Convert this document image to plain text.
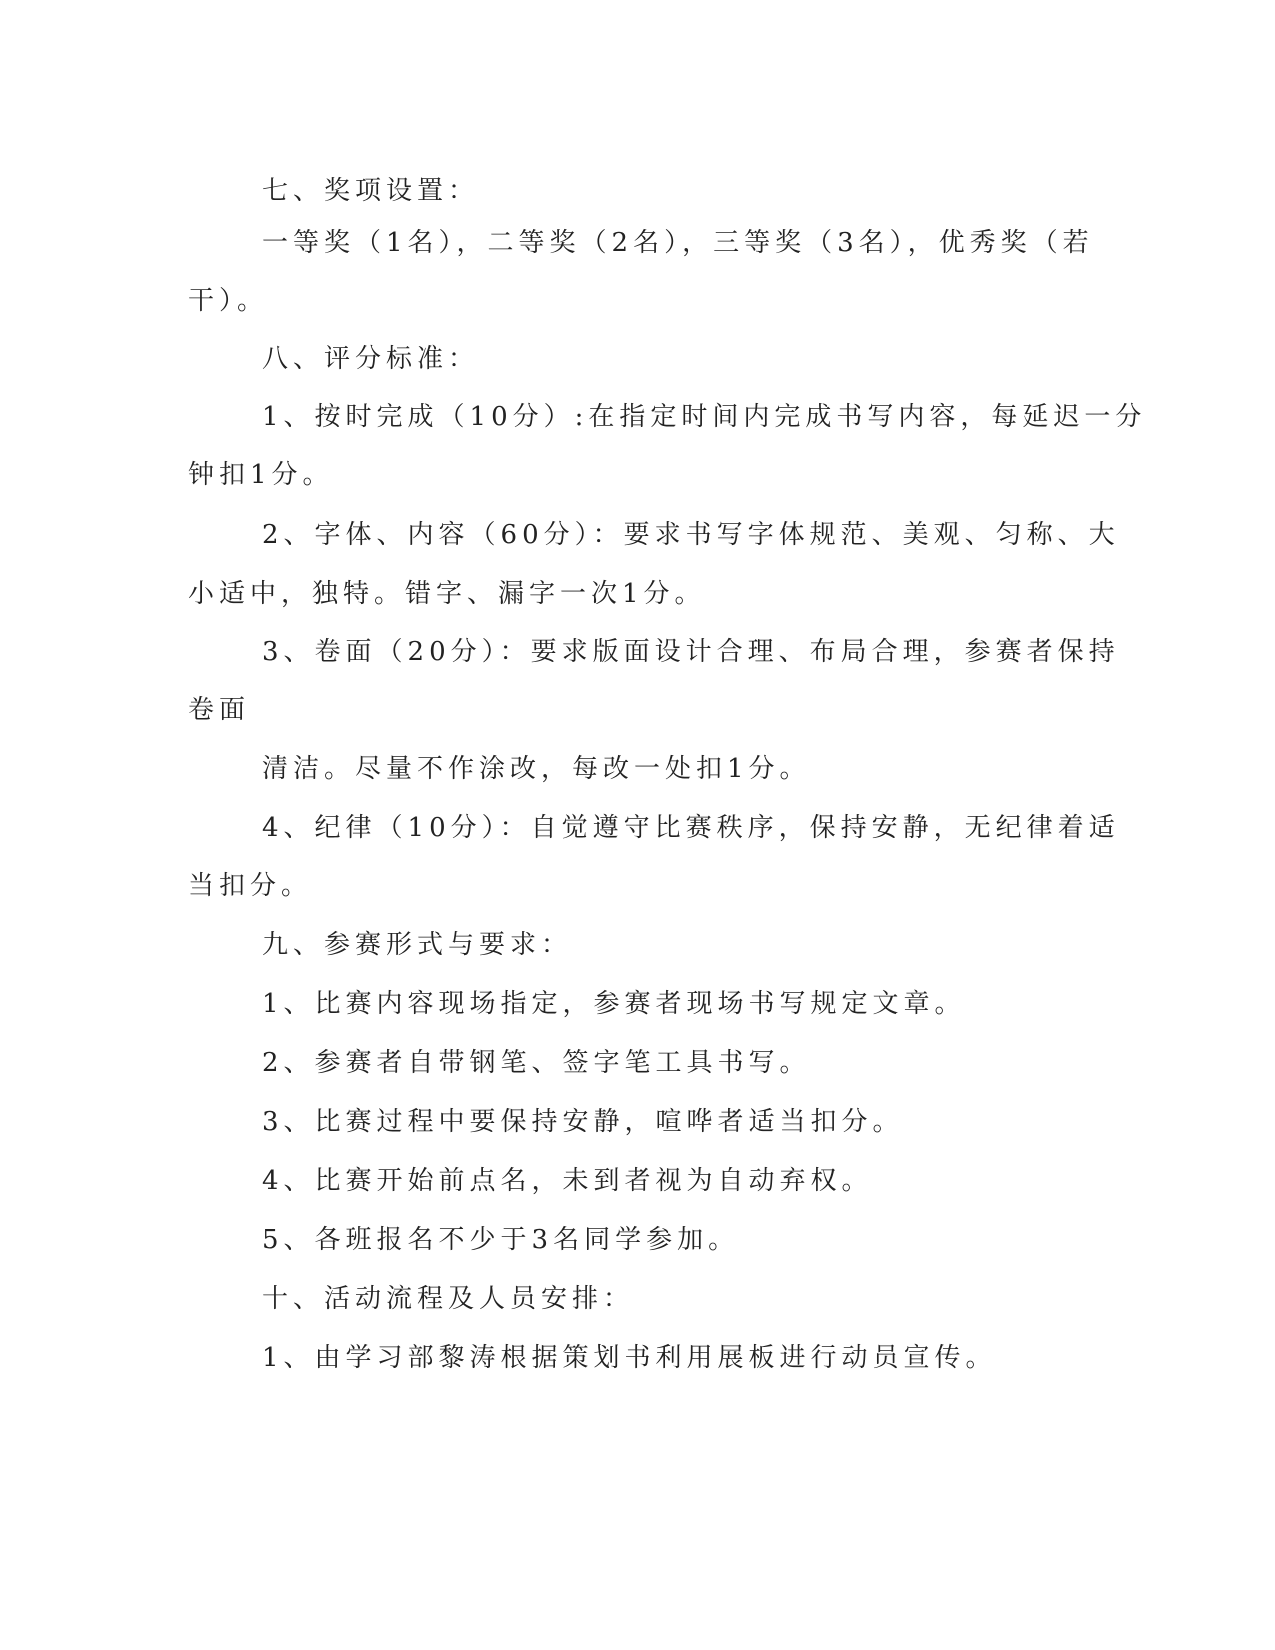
七、奖项设置：
一等奖（1名），二等奖（2名），三等奖（3名），优秀奖（若
干）。
八、评分标准：
1、按时完成（10分）:在指定时间内完成书写内容，每延迟一分
钟扣1分。
2、字体、内容（60分）：要求书写字体规范、美观、匀称、大
小适中，独特。错字、漏字一次1分。
3、卷面（20分）：要求版面设计合理、布局合理，参赛者保持
卷面
清洁。尽量不作涂改，每改一处扣1分。
4、纪律（10分）：自觉遵守比赛秩序，保持安静，无纪律着适
当扣分。
九、参赛形式与要求：
1、比赛内容现场指定，参赛者现场书写规定文章。
2、参赛者自带钢笔、签字笔工具书写。
3、比赛过程中要保持安静，喧哗者适当扣分。
4、比赛开始前点名，未到者视为自动弃权。
5、各班报名不少于3名同学参加。
十、活动流程及人员安排：
1、由学习部黎涛根据策划书利用展板进行动员宣传。
